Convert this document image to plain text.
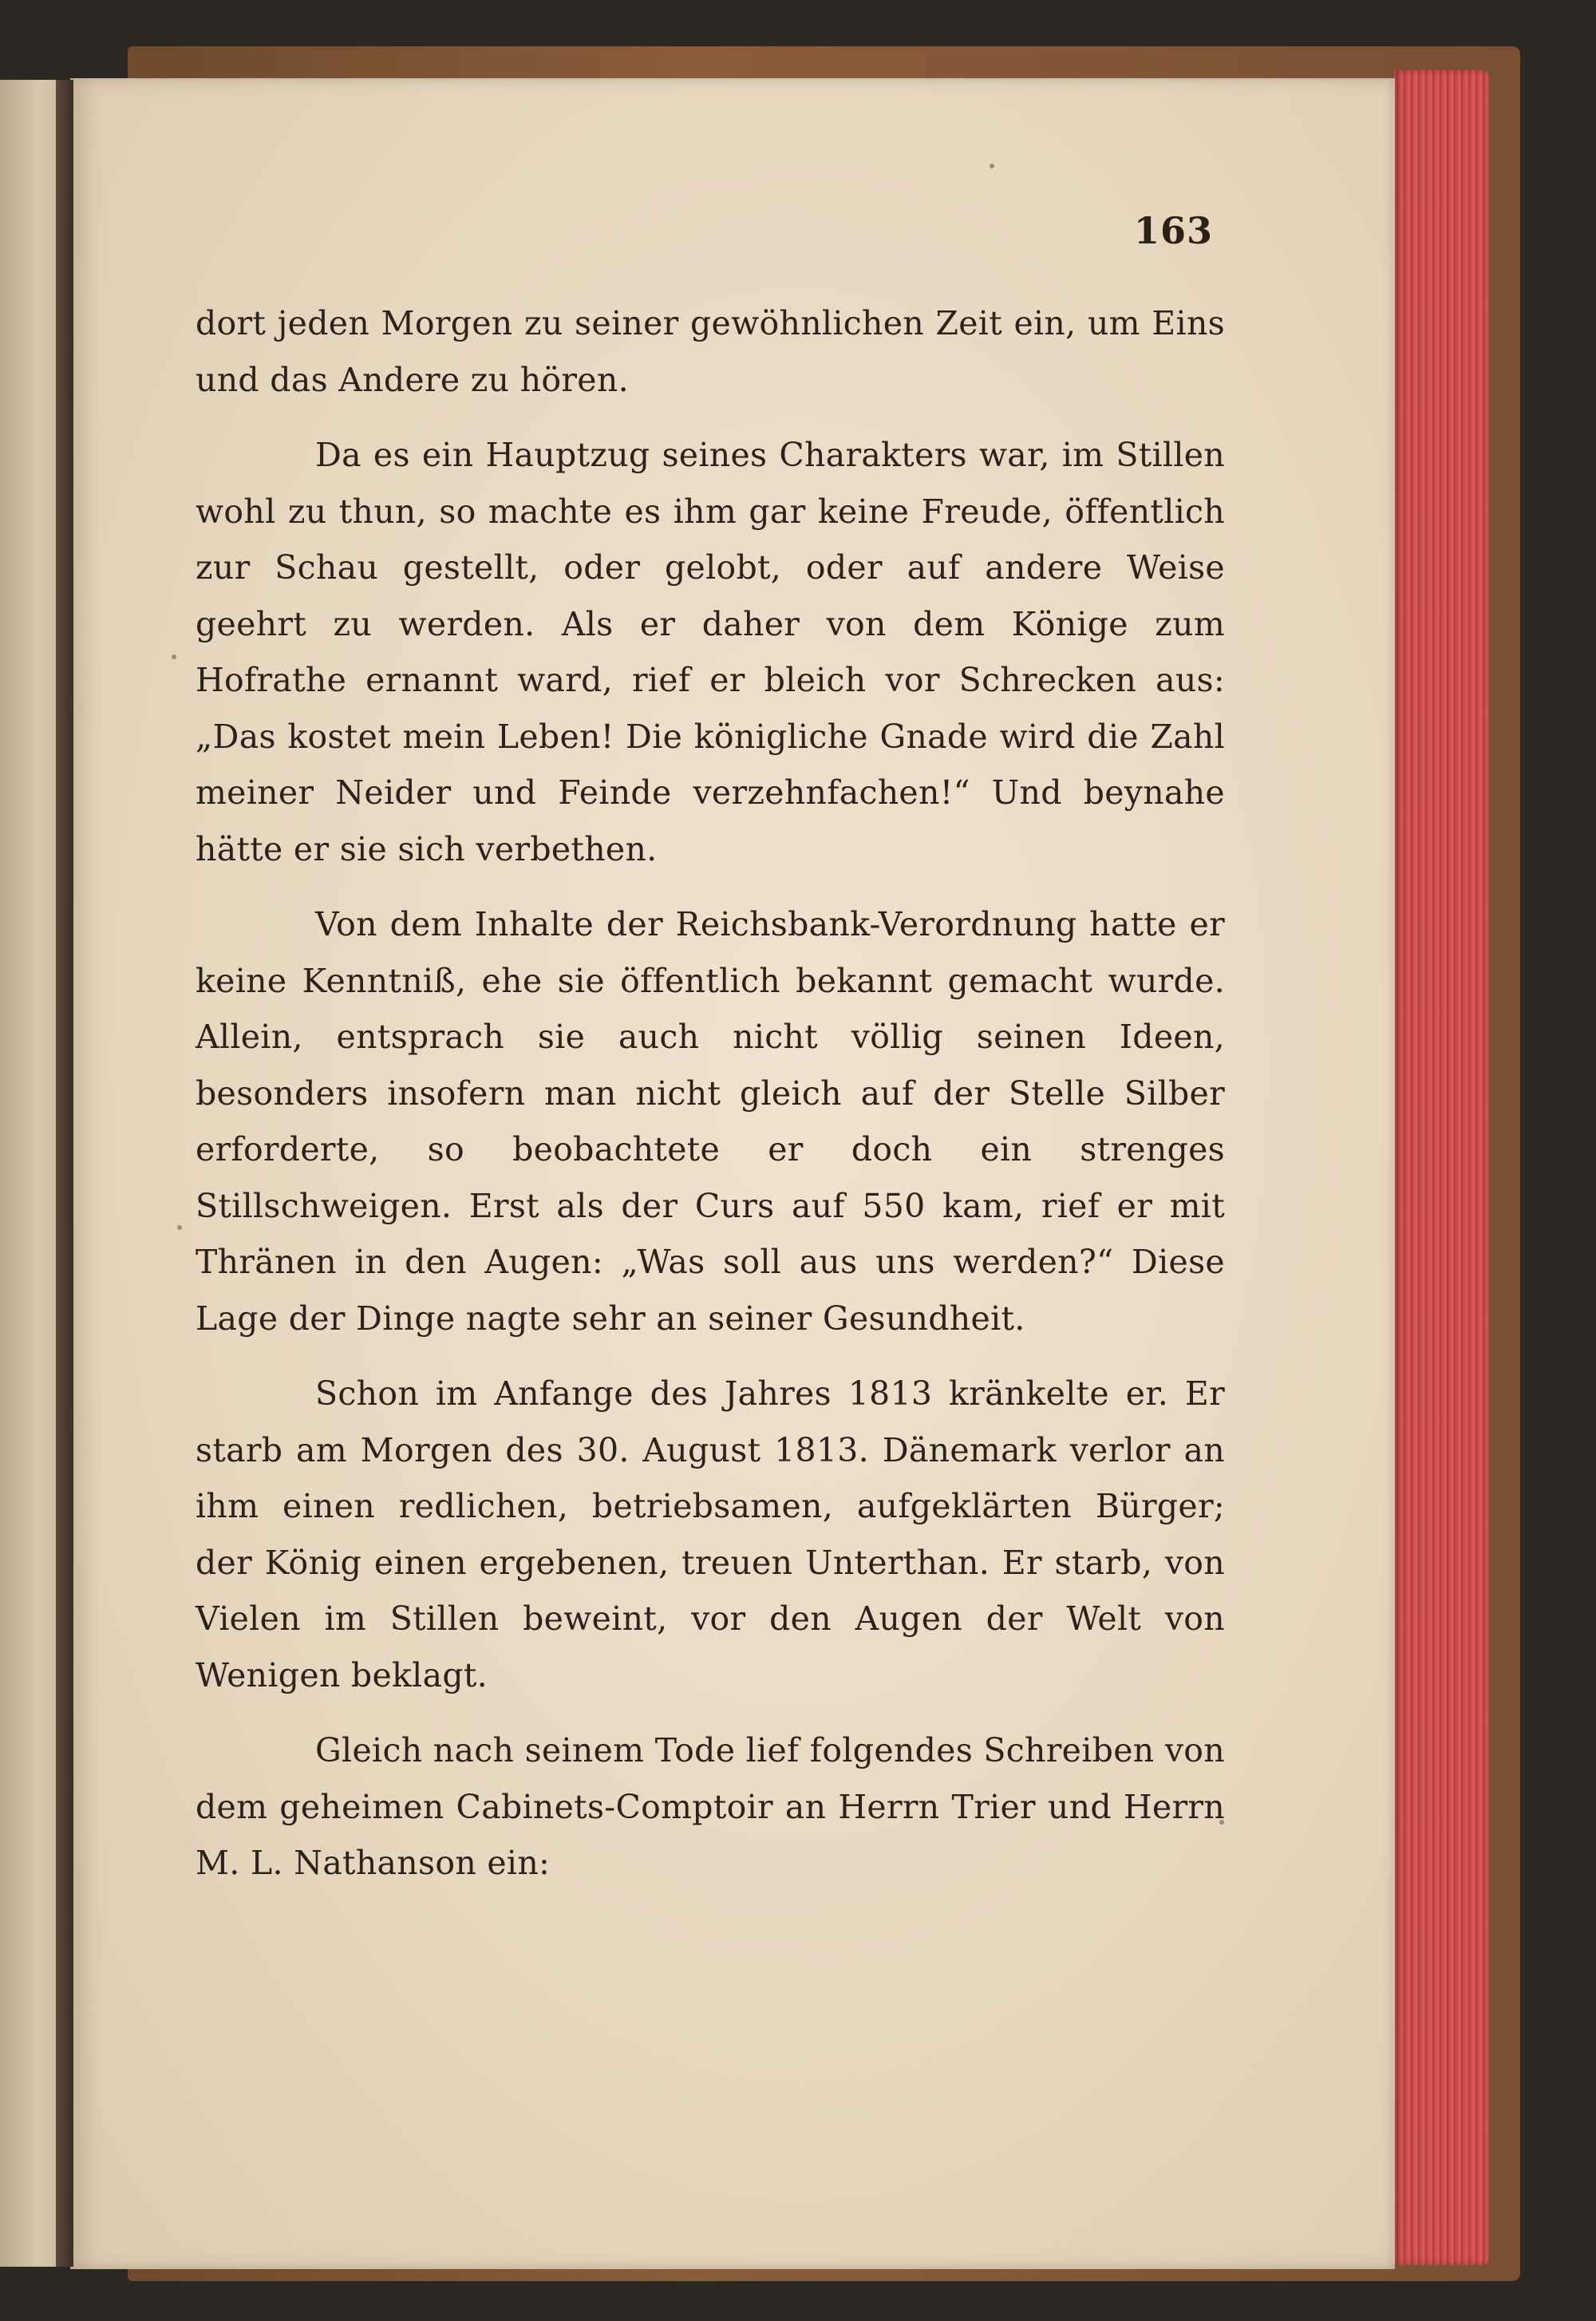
163

dort jeden Morgen zu seiner gewöhnlichen Zeit ein, um Eins und das Andere zu hören.

Da es ein Hauptzug seines Charakters war, im Stillen wohl zu thun, so machte es ihm gar keine Freude, öffentlich zur Schau gestellt, oder gelobt, oder auf andere Weise geehrt zu werden. Als er daher von dem Könige zum Hofrathe ernannt ward, rief er bleich vor Schrecken aus: „Das kostet mein Leben! Die königliche Gnade wird die Zahl meiner Neider und Feinde verzehnfachen!“ Und beynahe hätte er sie sich verbethen.

Von dem Inhalte der Reichsbank-Verordnung hatte er keine Kenntniß, ehe sie öffentlich bekannt gemacht wurde. Allein, entsprach sie auch nicht völlig seinen Ideen, besonders insofern man nicht gleich auf der Stelle Silber erforderte, so beobachtete er doch ein strenges Stillschweigen. Erst als der Curs auf 550 kam, rief er mit Thränen in den Augen: „Was soll aus uns werden?“ Diese Lage der Dinge nagte sehr an seiner Gesundheit.

Schon im Anfange des Jahres 1813 kränkelte er. Er starb am Morgen des 30. August 1813. Dänemark verlor an ihm einen redlichen, betriebsamen, aufgeklärten Bürger; der König einen ergebenen, treuen Unterthan. Er starb, von Vielen im Stillen beweint, vor den Augen der Welt von Wenigen beklagt.

Gleich nach seinem Tode lief folgendes Schreiben von dem geheimen Cabinets-Comptoir an Herrn Trier und Herrn M. L. Nathanson ein:
